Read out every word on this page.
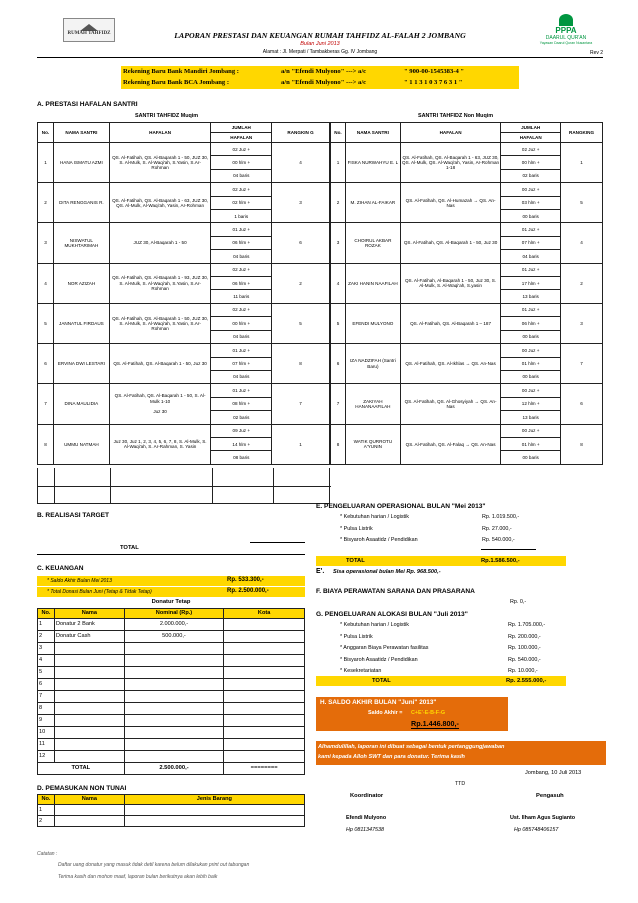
RUMAH TAHFIDZ	LAPORAN PRESTASI DAN KEUANGAN RUMAH TAHFIDZ AL-FALAH 2 JOMBANG
Bulan Juni 2013
Alamat : Jl. Merpati / Tambakberas Gg. IV Jombang	Rev 2
PPPA
DAARUL QUR'AN
Yayasan Daarul Quran Nusantara
Rekening Baru Bank Mandiri Jombang :	a/n "Efendi Mulyono" ---> a/c	" 900-00-1545383-4 "
Rekening Baru Bank BCA Jombang :	a/n "Efendi Mulyono" ---> a/c	" 1 1 3 1 0 3 7 6 3 1 "
A. PRESTASI HAFALAN SANTRI
SANTRI TAHFIDZ Muqim	SANTRI TAHFIDZ Non Muqim
No.	NAMA SANTRI	HAFALAN	JUMLAH	RANGKIN G
			HAFALAN	
1	HANA ISMATU AZMI	QS. Al-Fatihah, QS. Al-Baqarah 1 - 50, JUZ 30, S. Al-Mulk, S. Al-Waqi'ah, S.Yasin, S.Ar-Rohman	02 Juz +	4
			00 hlm +	
			04 baris	
2	DITA RENGGANIS R.	QS. Al-Fatihah, QS. Al-Baqarah 1 - 63, JUZ 30, QS. Al-Mulk, Al-Waqi'ah, Yasin, Ar-Rohman	02 Juz +	3
			02 hlm +	
			1 baris	
3	NISWATUL MUKHTARIMAH	JUZ 30, Al-Baqarah 1 - 50	01 Juz +	6
			06 hlm +	
			04 baris	
4	NOR AZIZAH	QS. Al-Fatihah, QS. Al-Baqarah 1 - 93, JUZ 30, S. Al-Mulk, S. Al-Waqi'ah, S.Yasin, S.Ar-Rohman	02 Juz +	2
			06 hlm +	
			11 baris	
5	JANNATUL FIRDAUS	QS. Al-Fatihah, QS. Al-Baqarah 1 - 50, JUZ 30, S. Al-Mulk, S. Al-Waqi'ah, S.Yasin, S.Ar-Rohman	02 Juz +	5
			00 hlm +	
			04 baris	
6	ERVINA DWI LESTARI	QS. Al-Fatihah, QS. Al-Baqarah 1 - 50, Juz 30	01 Juz +	8
			07 hlm +	
			04 baris	
7	DINA MAULIDIA	QS. Al-Fatihah, QS. Al-Baqarah 1 - 50, S. Al-Mulk 1-10

Juz 30	01 Juz +	7
			08 hlm +	
			02 baris	
8	UMMU NATMAH	Juz 30, Juz 1, 2, 3, 4, 5, 6, 7, 8, S. Al-Mulk, S. Al-Waqi'ah, S. Ar-Rahman, S. Yasin	09 Juz +	1
			14 hlm +	
			08 baris	
No.	NAMA SANTRI	HAFALAN	JUMLAH	RANGKING
			HAFALAN	
1	FISKA NURWAHYU E. L	QS. Al-Fatihah, QS. Al-Baqarah 1 - 63, JUZ 30, QS. Al-Mulk, QS. Al-Waqi'ah, Yasin, Ar-Rohman 1-18	02 Juz +	1
			00 hlm +	
			02 baris	
2	M. ZIHAN AL-FAIKAR	QS. Al-Fatihah, QS. Al-Humazah → QS. An-Nas	00 Juz +	5
			03 hlm +	
			00 baris	
3	CHOIRUL AKBAR ROZAK	QS. Al-Fatihah, QS. Al-Baqarah 1 - 50, Juz 30	01 Juz +	4
			07 hlm +	
			04 baris	
4	ZAKI HANIN NAAFILAH	QS. Al-Fatihah, Al-Baqarah 1 - 50, Juz 30, S. Al-Mulk, S. Al-Waqi'ah, S.yasin	01 Juz +	2
			17 hlm +	
			13 baris	
5	EFENDI MULYONO	QS. Al-Fatihah, QS. Al-Baqarah 1 – 187	01 Juz +	3
			06 hlm +	
			00 baris	
6	IZA NADZIFAH (Santri Baru)	QS. Al-Fatihah, QS. Al-Ikhlas → QS. An-Nas	00 Juz +	7
			01 hlm +	
			00 baris	
7	ZAKIYAH HANANAAFILAH	QS. Al-Fatihah, QS. Al-Ghosyiyah → QS. An-Nas	00 Juz +	6
			12 hlm +	
			13 baris	
8	WATIK QURROTU A'YUNIN	QS. Al-Fatihah, QS. Al-Falaq → QS. An-Nas	00 Juz +	8
			01 hlm +	
			00 baris	
B. REALISASI TARGET
TOTAL
C. KEUANGAN
* Saldo Akhir Bulan Mei 2013	Rp. 533.300,-
* Total Donasi Bulan Juni (Tetap & Tidak Tetap)	Rp. 2.500.000,-
Donatur Tetap
No.	Nama	Nominal (Rp.)	Kota
1	Donatur 2 Bank	2.000.000,-	
2	Donatur Cash	500.000,-	
3			
4			
5			
6			
7			
8			
9			
10			
11			
12			
TOTAL		2.500.000,-	========
D. PEMASUKAN NON TUNAI
No.	Nama	Jenis Barang
1		
2		
E. PENGELUARAN OPERASIONAL BULAN "Mei 2013"
* Kebutuhan harian / Logistik	Rp. 1.019.500,-
* Pulsa Listrik	Rp. 27.000,-
* Bisyaroh Asaatidz / Pendidikan	Rp. 540.000,-
TOTAL	Rp.1.586.500,-
E'. Sisa operasional bulan Mei Rp. 968.500,-
F. BIAYA PERAWATAN SARANA DAN PRASARANA
Rp. 0,-
G. PENGELUARAN ALOKASI BULAN "Juli 2013"
* Kebutuhan harian / Logistik	Rp. 1.705.000,-
* Pulsa Listrik	Rp. 200.000,-
* Anggaran Biaya Perawatan fasilitas	Rp. 100.000,-
* Bisyaroh Asaatidz / Pendidikan	Rp. 540.000,-
* Kesekretariatan	Rp. 10.000,-
TOTAL	Rp. 2.555.000,-
H. SALDO AKHIR BULAN "Juni" 2013"
Saldo Akhir = C+E'-E-B-F-G
Rp.1.446.800,-
Alhamdulillah, laporan ini dibuat sebagai bentuk pertanggungjawaban
kami kepada Alloh SWT dan para donatur. Terima kasih
Jombang, 10 Juli 2013
TTD
Koordinator	Pengasuh
Efendi Mulyono	Ust. Ilham Agus Sugianto
Hp 0811347538	Hp 085748406157
Catatan :
Daftar uang donatur yang masuk tidak detil karena belum dilakukan print out tabungan
Terima kasih dan mohon maaf, laporan bulan berikutnya akan lebih baik
